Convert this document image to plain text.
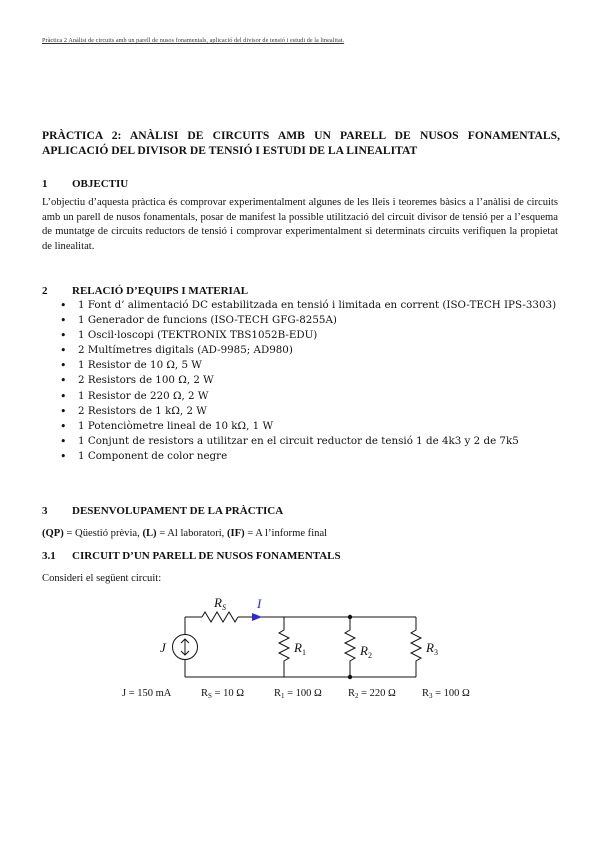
Pràctica 2 Anàlisi de circuits amb un parell de nusos fonamentals, aplicació del divisor de tensió i estudi de la linealitat.
PRÀCTICA 2: ANÀLISI DE CIRCUITS AMB UN PARELL DE NUSOS FONAMENTALS, APLICACIÓ DEL DIVISOR DE TENSIÓ I ESTUDI DE LA LINEALITAT
1 OBJECTIU
L’objectiu d’aquesta pràctica és comprovar experimentalment algunes de les lleis i teoremes bàsics a l’anàlisi de circuits amb un parell de nusos fonamentals, posar de manifest la possible utilització del circuit divisor de tensió per a l’esquema de muntatge de circuits reductors de tensió i comprovar experimentalment si determinats circuits verifiquen la propietat de linealitat.
2 RELACIÓ D’EQUIPS I MATERIAL
• 1 Font d’ alimentació DC estabilitzada en tensió i limitada en corrent (ISO-TECH IPS-3303)
• 1 Generador de funcions (ISO-TECH GFG-8255A)
• 1 Oscil·loscopi (TEKTRONIX TBS1052B-EDU)
• 2 Multímetres digitals (AD-9985; AD980)
• 1 Resistor de 10 Ω, 5 W
• 2 Resistors de 100 Ω, 2 W
• 1 Resistor de 220 Ω, 2 W
• 2 Resistors de 1 kΩ, 2 W
• 1 Potenciòmetre lineal de 10 kΩ, 1 W
• 1 Conjunt de resistors a utilitzar en el circuit reductor de tensió 1 de 4k3 y 2 de 7k5
• 1 Component de color negre
3 DESENVOLUPAMENT DE LA PRÀCTICA
(QP) = Qüestió prèvia, (L) = Al laboratori, (IF) = A l’informe final
3.1 CIRCUIT D’UN PARELL DE NUSOS FONAMENTALS
Consideri el següent circuit:
$R_S$ I
J	$R_1$	$R_2$
$R_3$
J = 150 mA	RS = 10 Ω	R1 = 100 Ω R2 = 220 Ω R3 = 100 Ω
